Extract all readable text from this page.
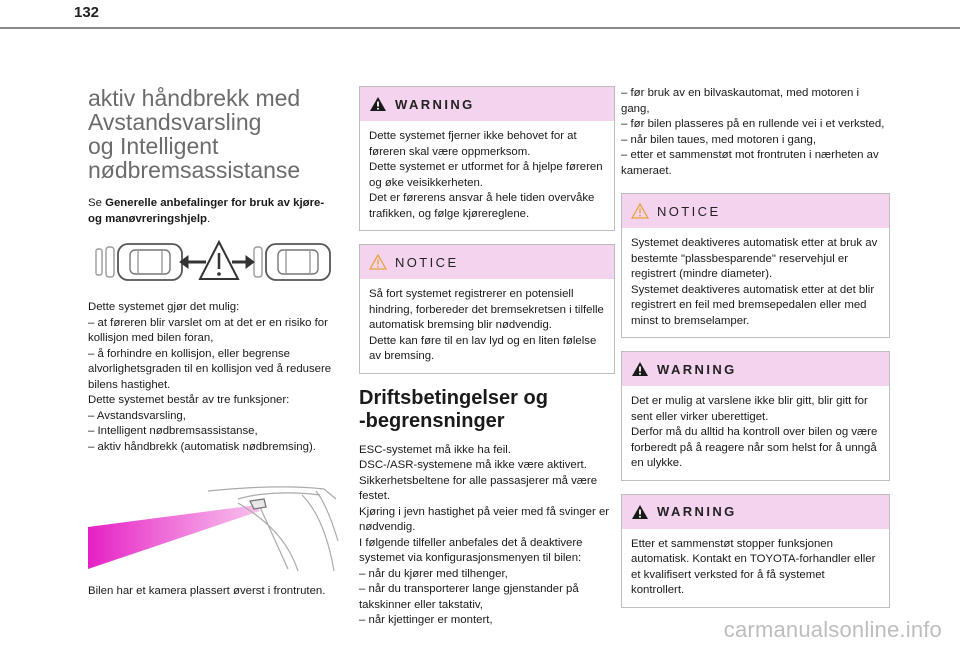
132
aktiv håndbrekk med
Avstandsvarsling
og Intelligent
nødbremsassistanse

Se Generelle anbefalinger for bruk av kjøre- og manøvreringshjelp.

Dette systemet gjør det mulig:

– at føreren blir varslet om at det er en risiko for kollisjon med bilen foran,

– å forhindre en kollisjon, eller begrense alvorlighetsgraden til en kollisjon ved å redusere bilens hastighet.

Dette systemet består av tre funksjoner:

– Avstandsvarsling,

– Intelligent nødbremsassistanse,

– aktiv håndbrekk (automatisk nødbremsing).

Bilen har et kamera plassert øverst i frontruten.

WARNING

Dette systemet fjerner ikke behovet for at føreren skal være oppmerksom.

Dette systemet er utformet for å hjelpe føreren og øke veisikkerheten.

Det er førerens ansvar å hele tiden overvåke trafikken, og følge kjørereglene.

NOTICE

Så fort systemet registrerer en potensiell hindring, forbereder det bremsekretsen i tilfelle automatisk bremsing blir nødvendig.

Dette kan føre til en lav lyd og en liten følelse av bremsing.

Driftsbetingelser og
-begrensninger

ESC-systemet må ikke ha feil.

DSC-/ASR-systemene må ikke være aktivert.

Sikkerhetsbeltene for alle passasjerer må være festet.

Kjøring i jevn hastighet på veier med få svinger er nødvendig.

I følgende tilfeller anbefales det å deaktivere systemet via konfigurasjonsmenyen til bilen:

– når du kjører med tilhenger,

– når du transporterer lange gjenstander på takskinner eller takstativ,

– når kjettinger er montert,

– før bruk av en bilvaskautomat, med motoren i gang,

– før bilen plasseres på en rullende vei i et verksted,

– når bilen taues, med motoren i gang,

– etter et sammenstøt mot frontruten i nærheten av kameraet.

NOTICE

Systemet deaktiveres automatisk etter at bruk av bestemte "plassbesparende" reservehjul er registrert (mindre diameter).

Systemet deaktiveres automatisk etter at det blir registrert en feil med bremsepedalen eller med minst to bremselamper.

WARNING

Det er mulig at varslene ikke blir gitt, blir gitt for sent eller virker uberettiget.

Derfor må du alltid ha kontroll over bilen og være forberedt på å reagere når som helst for å unngå en ulykke.

WARNING

Etter et sammenstøt stopper funksjonen automatisk. Kontakt en TOYOTA-forhandler eller et kvalifisert verksted for å få systemet kontrollert.

carmanualsonline.info
